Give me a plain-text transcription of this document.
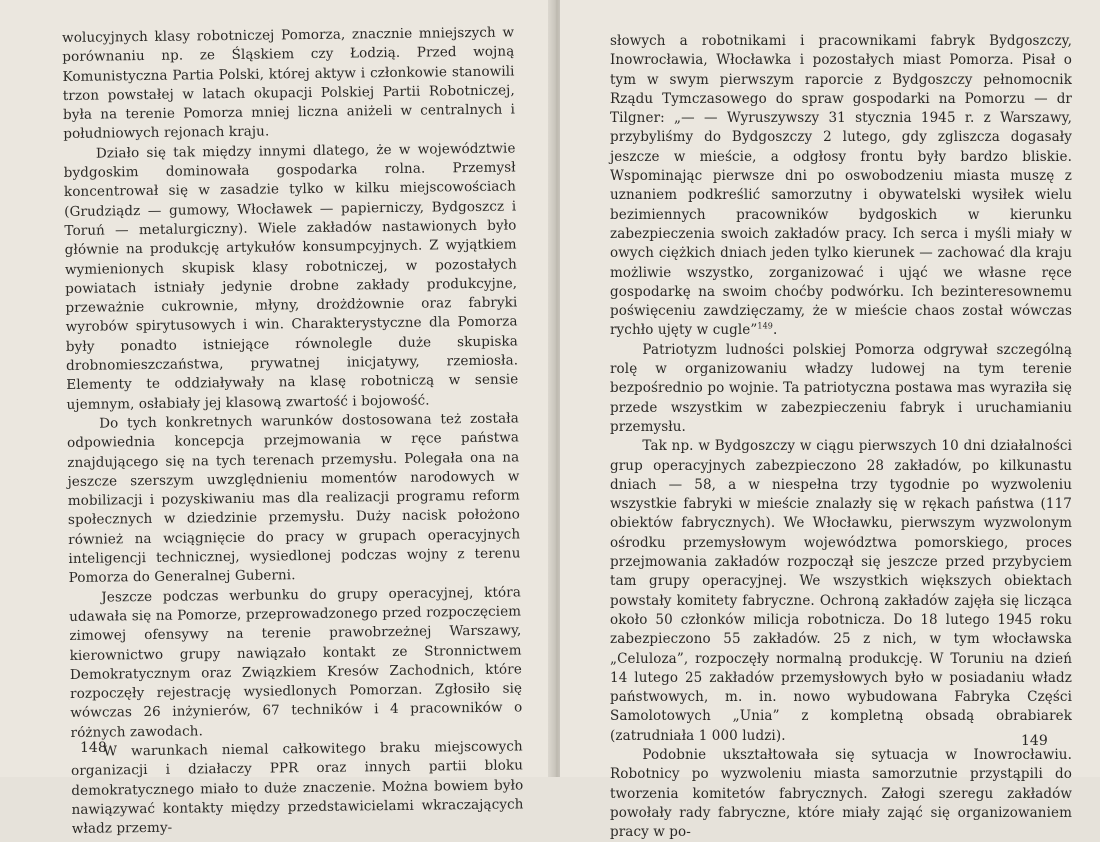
wolucyjnych klasy robotniczej Pomorza, znacznie mniejszych w porównaniu np. ze Śląskiem czy Łodzią. Przed wojną Komunistyczna Partia Polski, której aktyw i członkowie stanowili trzon powstałej w latach okupacji Polskiej Partii Robotniczej, była na terenie Pomorza mniej liczna aniżeli w centralnych i południowych rejonach kraju.

Działo się tak między innymi dlatego, że w województwie bydgoskim dominowała gospodarka rolna. Przemysł koncentrował się w zasadzie tylko w kilku miejscowościach (Grudziądz — gumowy, Włocławek — papierniczy, Bydgoszcz i Toruń — metalurgiczny). Wiele zakładów nastawionych było głównie na produkcję artykułów konsumpcyjnych. Z wyjątkiem wymienionych skupisk klasy robotniczej, w pozostałych powiatach istniały jedynie drobne zakłady produkcyjne, przeważnie cukrownie, młyny, drożdżownie oraz fabryki wyrobów spirytusowych i win. Charakterystyczne dla Pomorza były ponadto istniejące równolegle duże skupiska drobnomieszczaństwa, prywatnej inicjatywy, rzemiosła. Elementy te oddziaływały na klasę robotniczą w sensie ujemnym, osłabiały jej klasową zwartość i bojowość.

Do tych konkretnych warunków dostosowana też została odpowiednia koncepcja przejmowania w ręce państwa znajdującego się na tych terenach przemysłu. Polegała ona na jeszcze szerszym uwzględnieniu momentów narodowych w mobilizacji i pozyskiwaniu mas dla realizacji programu reform społecznych w dziedzinie przemysłu. Duży nacisk położono również na wciągnięcie do pracy w grupach operacyjnych inteligencji technicznej, wysiedlonej podczas wojny z terenu Pomorza do Generalnej Guberni.

Jeszcze podczas werbunku do grupy operacyjnej, która udawała się na Pomorze, przeprowadzonego przed rozpoczęciem zimowej ofensywy na terenie prawobrzeżnej Warszawy, kierownictwo grupy nawiązało kontakt ze Stronnictwem Demokratycznym oraz Związkiem Kresów Zachodnich, które rozpoczęły rejestrację wysiedlonych Pomorzan. Zgłosiło się wówczas 26 inżynierów, 67 techników i 4 pracowników o różnych zawodach.

W warunkach niemal całkowitego braku miejscowych organizacji i działaczy PPR oraz innych partii bloku demokratycznego miało to duże znaczenie. Można bowiem było nawiązywać kontakty między przedstawicielami wkraczających władz przemy-

148

słowych a robotnikami i pracownikami fabryk Bydgoszczy, Inowrocławia, Włocławka i pozostałych miast Pomorza. Pisał o tym w swym pierwszym raporcie z Bydgoszczy pełnomocnik Rządu Tymczasowego do spraw gospodarki na Pomorzu — dr Tilgner: „— — Wyruszywszy 31 stycznia 1945 r. z Warszawy, przybyliśmy do Bydgoszczy 2 lutego, gdy zgliszcza dogasały jeszcze w mieście, a odgłosy frontu były bardzo bliskie. Wspominając pierwsze dni po oswobodzeniu miasta muszę z uznaniem podkreślić samorzutny i obywatelski wysiłek wielu bezimiennych pracowników bydgoskich w kierunku zabezpieczenia swoich zakładów pracy. Ich serca i myśli miały w owych ciężkich dniach jeden tylko kierunek — zachować dla kraju możliwie wszystko, zorganizować i ująć we własne ręce gospodarkę na swoim choćby podwórku. Ich bezinteresownemu poświęceniu zawdzięczamy, że w mieście chaos został wówczas rychło ujęty w cugle”$^{149}$.

Patriotyzm ludności polskiej Pomorza odgrywał szczególną rolę w organizowaniu władzy ludowej na tym terenie bezpośrednio po wojnie. Ta patriotyczna postawa mas wyraziła się przede wszystkim w zabezpieczeniu fabryk i uruchamianiu przemysłu.

Tak np. w Bydgoszczy w ciągu pierwszych 10 dni działalności grup operacyjnych zabezpieczono 28 zakładów, po kilkunastu dniach — 58, a w niespełna trzy tygodnie po wyzwoleniu wszystkie fabryki w mieście znalazły się w rękach państwa (117 obiektów fabrycznych). We Włocławku, pierwszym wyzwolonym ośrodku przemysłowym województwa pomorskiego, proces przejmowania zakładów rozpoczął się jeszcze przed przybyciem tam grupy operacyjnej. We wszystkich większych obiektach powstały komitety fabryczne. Ochroną zakładów zajęła się licząca około 50 członków milicja robotnicza. Do 18 lutego 1945 roku zabezpieczono 55 zakładów. 25 z nich, w tym włocławska „Celuloza”, rozpoczęły normalną produkcję. W Toruniu na dzień 14 lutego 25 zakładów przemysłowych było w posiadaniu władz państwowych, m. in. nowo wybudowana Fabryka Części Samolotowych „Unia” z kompletną obsadą obrabiarek (zatrudniała 1 000 ludzi).

Podobnie ukształtowała się sytuacja w Inowrocławiu. Robotnicy po wyzwoleniu miasta samorzutnie przystąpili do tworzenia komitetów fabrycznych. Załogi szeregu zakładów powołały rady fabryczne, które miały zająć się organizowaniem pracy w po-

149
